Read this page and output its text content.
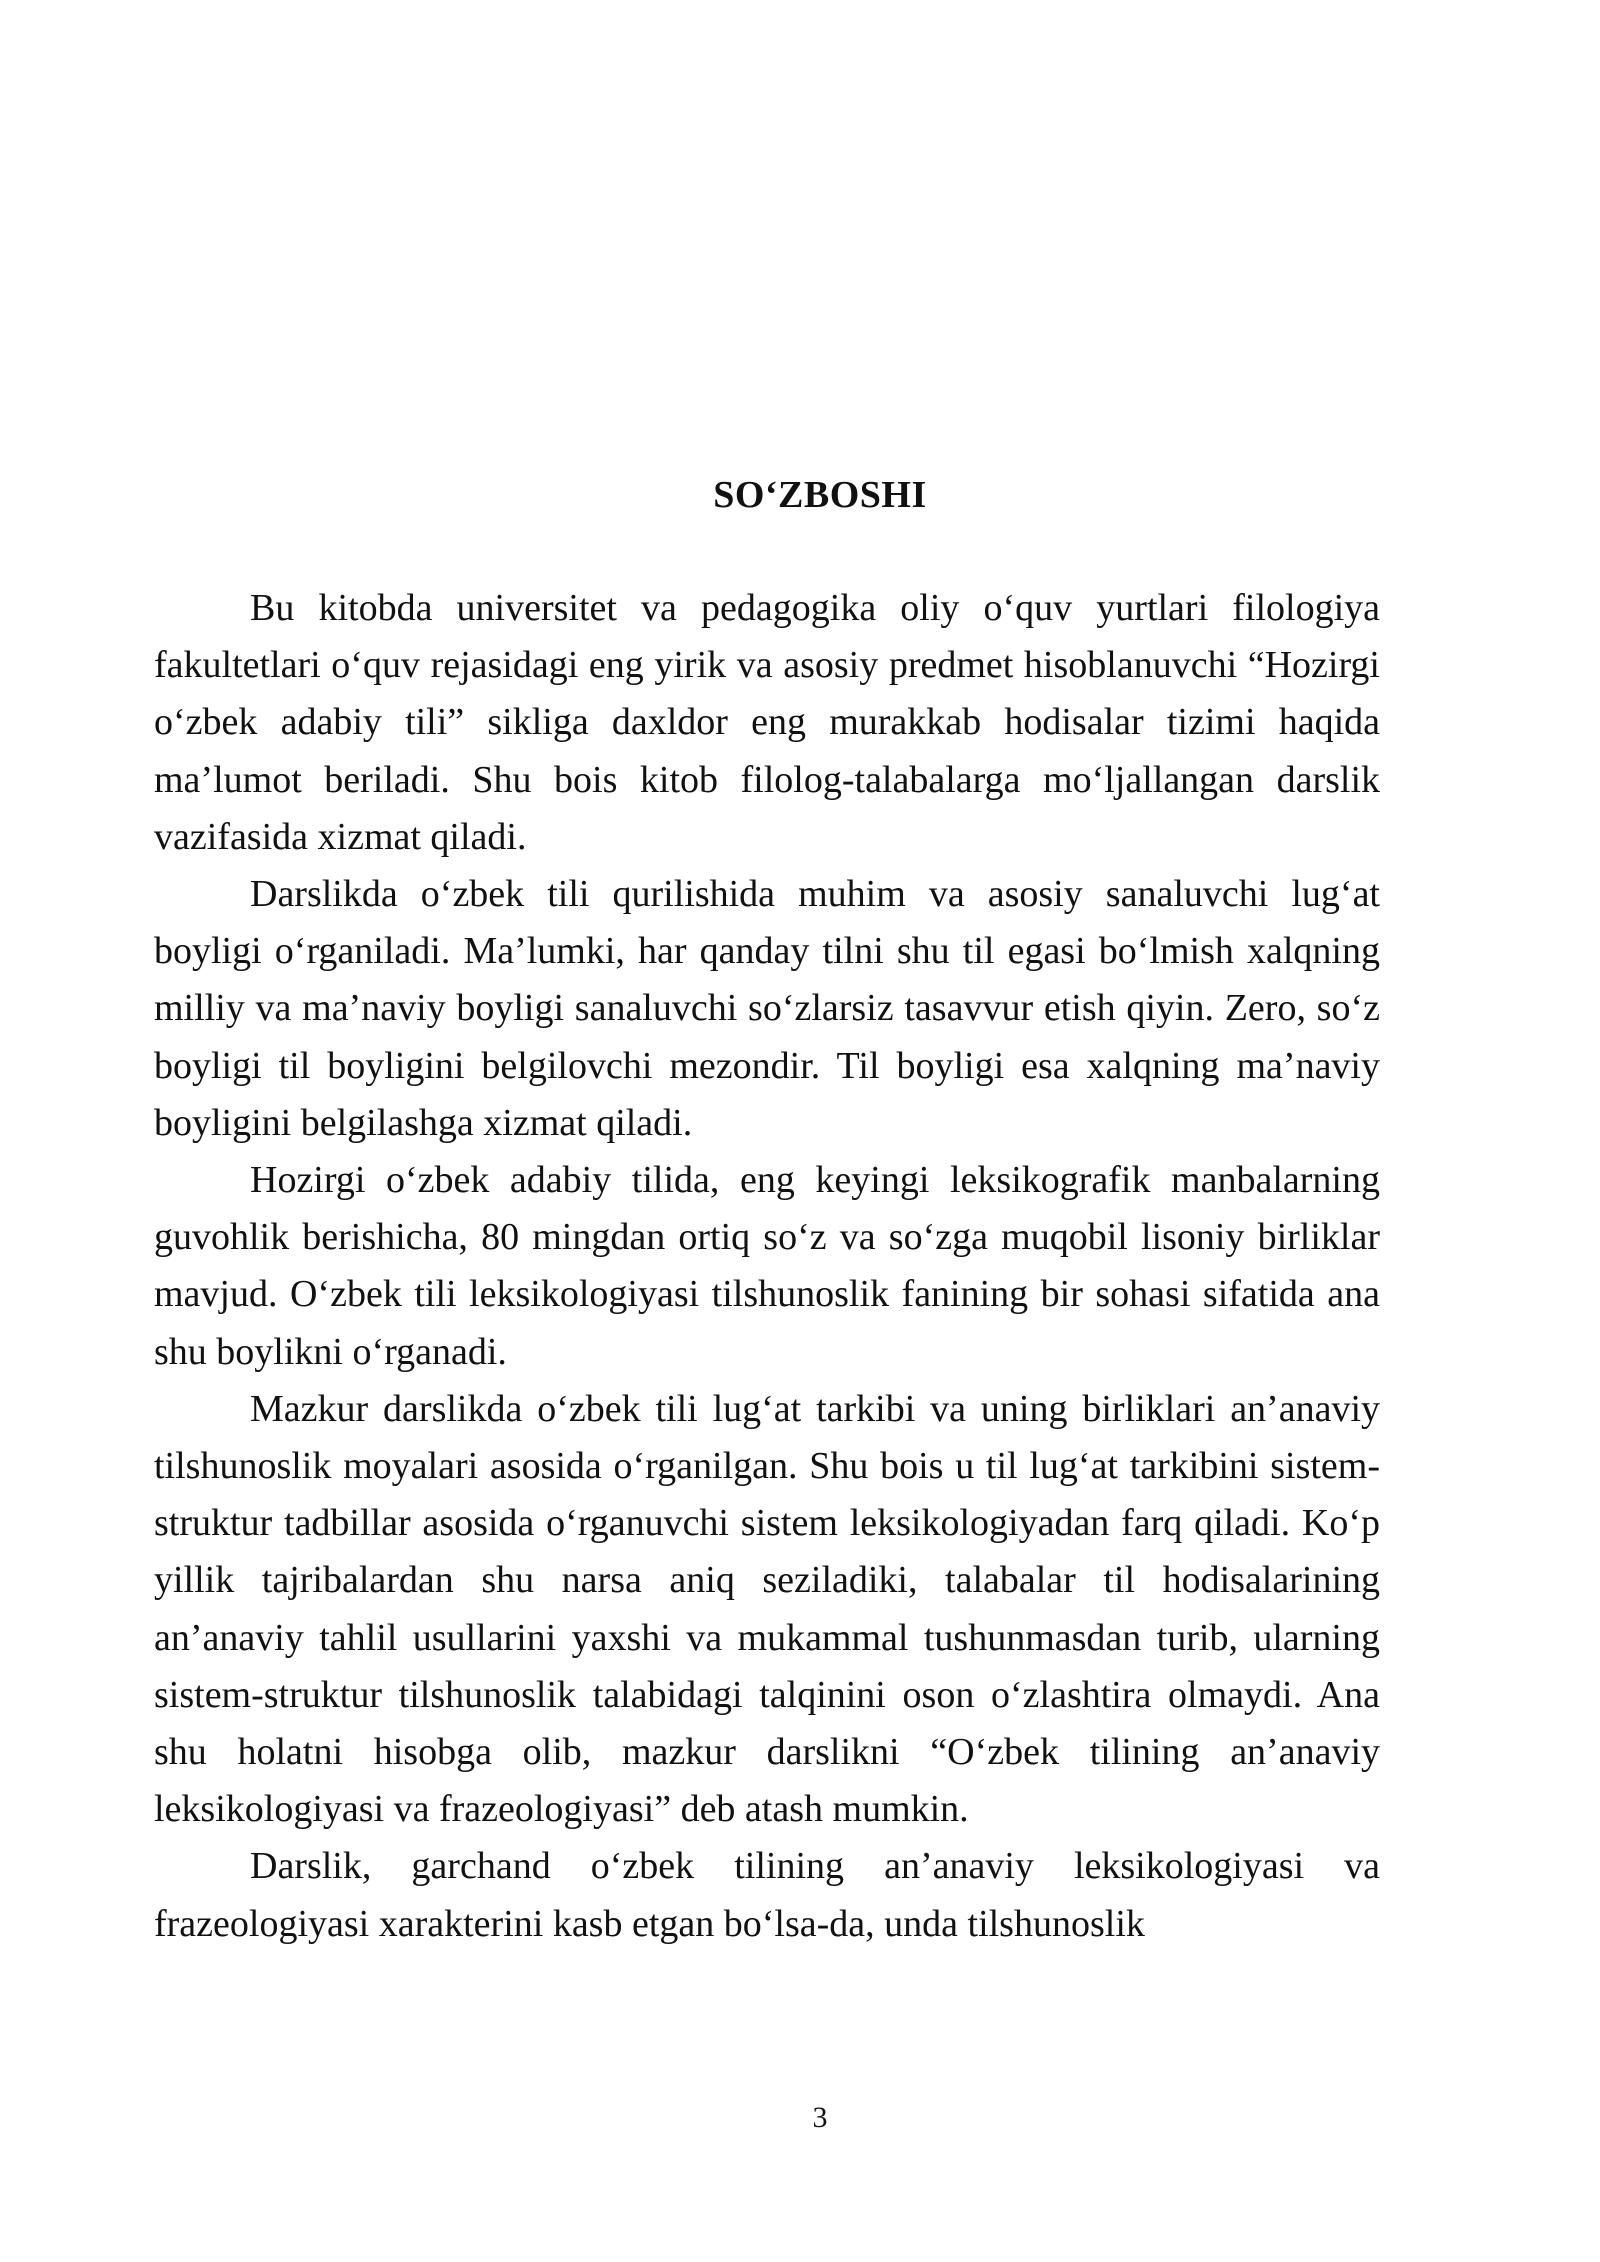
SO‘ZBOSHI

Bu kitobda universitet va pedagogika oliy o‘quv yurtlari filologiya fakultetlari o‘quv rejasidagi eng yirik va asosiy predmet hisoblanuvchi “Hozirgi o‘zbek adabiy tili” sikliga daxldor eng murakkab hodisalar tizimi haqida ma’lumot beriladi. Shu bois kitob filolog-talabalarga mo‘ljallangan darslik vazifasida xizmat qiladi.

Darslikda o‘zbek tili qurilishida muhim va asosiy sanaluvchi lug‘at boyligi o‘rganiladi. Ma’lumki, har qanday tilni shu til egasi bo‘lmish xalqning milliy va ma’naviy boyligi sanaluvchi so‘zlarsiz tasavvur etish qiyin. Zero, so‘z boyligi til boyligini belgilovchi mezondir. Til boyligi esa xalqning ma’naviy boyligini belgilashga xizmat qiladi.

Hozirgi o‘zbek adabiy tilida, eng keyingi leksikografik manbalarning guvohlik berishicha, 80 mingdan ortiq so‘z va so‘zga muqobil lisoniy birliklar mavjud. O‘zbek tili leksikologiyasi tilshunoslik fanining bir sohasi sifatida ana shu boylikni o‘rganadi.

Mazkur darslikda o‘zbek tili lug‘at tarkibi va uning birliklari an’anaviy tilshunoslik moyalari asosida o‘rganilgan. Shu bois u til lug‘at tarkibini sistem-struktur tadbillar asosida o‘rganuvchi sistem leksikologiyadan farq qiladi. Ko‘p yillik tajribalardan shu narsa aniq seziladiki, talabalar til hodisalarining an’anaviy tahlil usullarini yaxshi va mukammal tushunmasdan turib, ularning sistem-struktur tilshunoslik talabidagi talqinini oson o‘zlashtira olmaydi. Ana shu holatni hisobga olib, mazkur darslikni “O‘zbek tilining an’anaviy leksikologiyasi va frazeologiyasi” deb atash mumkin.

Darslik, garchand o‘zbek tilining an’anaviy leksikologiyasi va frazeologiyasi xarakterini kasb etgan bo‘lsa-da, unda tilshunoslik

3
